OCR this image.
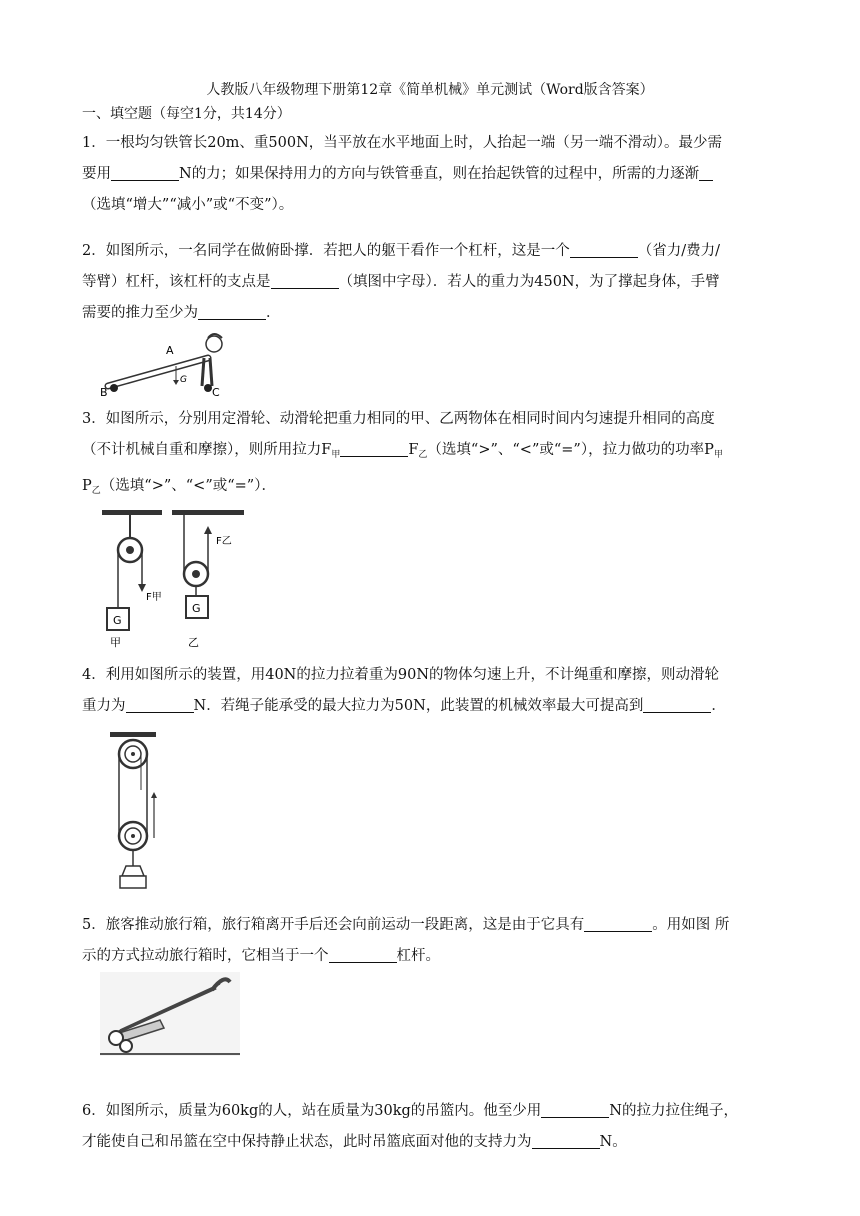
人教版八年级物理下册第12章《简单机械》单元测试（Word版含答案）
一、填空题（每空1分，共14分）
1．一根均匀铁管长20m、重500N，当平放在水平地面上时，人抬起一端（另一端不滑动）。最少需
要用	N的力；如果保持用力的方向与铁管垂直，则在抬起铁管的过程中，所需的力逐渐
（选填“增大”“减小”或“不变”）。
2．如图所示，一名同学在做俯卧撑．若把人的躯干看作一个杠杆，这是一个	（省力/费力/
等臂）杠杆，该杠杆的支点是	（填图中字母）．若人的重力为450N，为了撑起身体，手臂
需要的推力至少为	．
A
B	C
G
3．如图所示，分别用定滑轮、动滑轮把重力相同的甲、乙两物体在相同时间内匀速提升相同的高度
（不计机械自重和摩擦），则所用拉力$F_甲$	$F_乙$（选填“>”、“<”或“=”），拉力做功的功率$P_甲$
$P_乙$（选填“>”、“<”或“=”）．
G
F甲
G
F乙
甲	乙
4．利用如图所示的装置，用40N的拉力拉着重为90N的物体匀速上升，不计绳重和摩擦，则动滑轮
重力为	N．若绳子能承受的最大拉力为50N，此装置的机械效率最大可提高到	．
5．旅客推动旅行箱，旅行箱离开手后还会向前运动一段距离，这是由于它具有	。用如图 所
示的方式拉动旅行箱时，它相当于一个	杠杆。
6．如图所示，质量为60kg的人，站在质量为30kg的吊篮内。他至少用	N的拉力拉住绳子，
才能使自己和吊篮在空中保持静止状态，此时吊篮底面对他的支持力为	N。
